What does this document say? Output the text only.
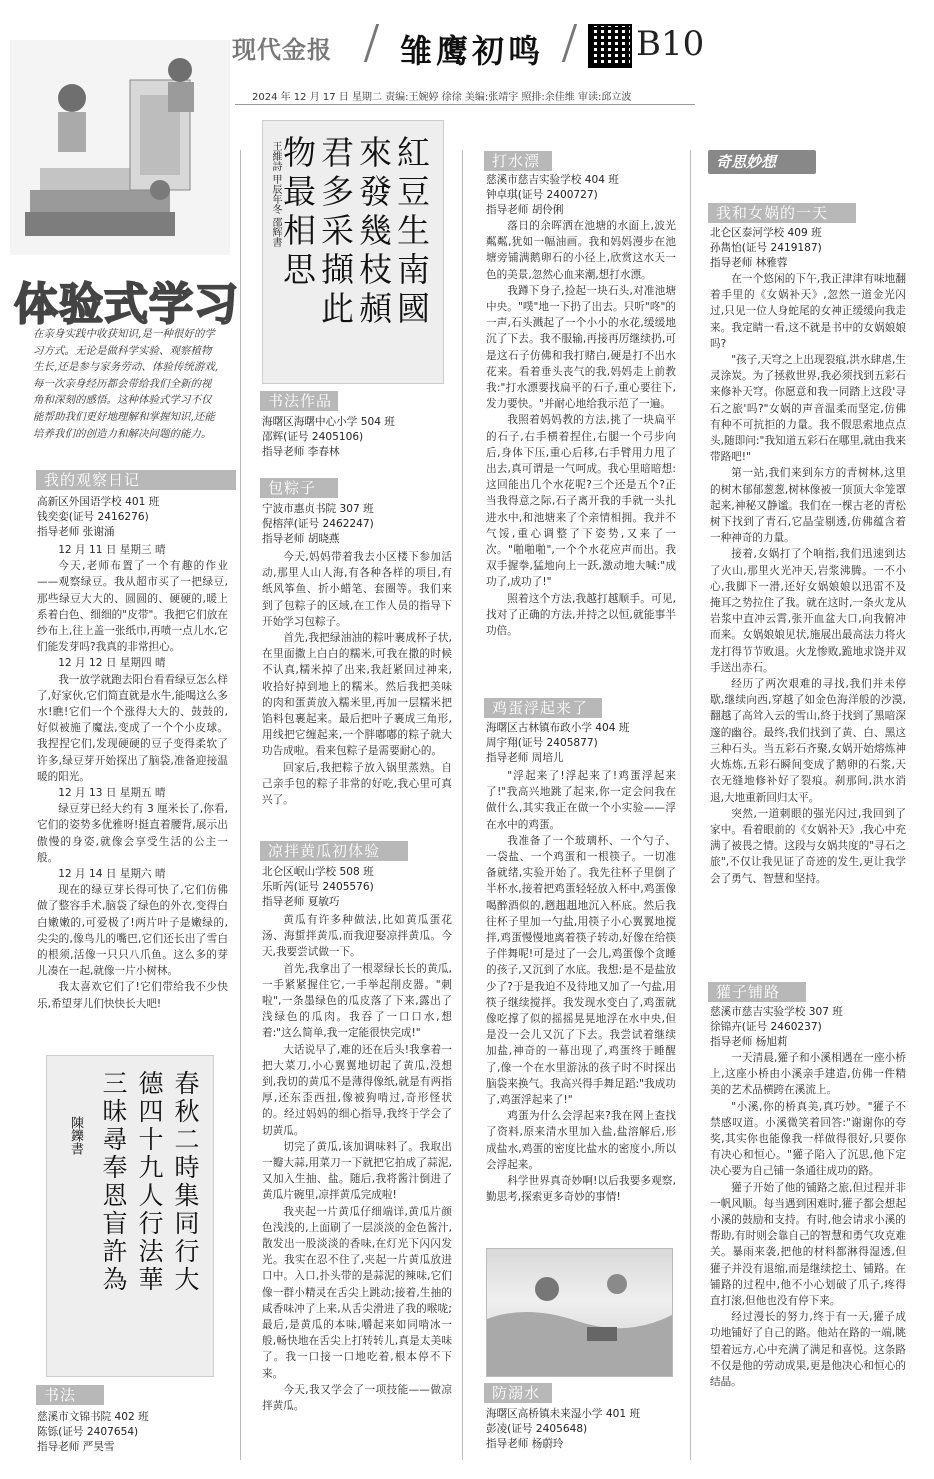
现代金报 雏鹰初鸣	B10
2024 年 12 月 17 日 星期二 责编:王婉婷 徐徐 美编:张靖宇 照排:余佳维 审读:邱立波
体验式学习
在亲身实践中收获知识,是一种很好的学习方式。无论是做科学实验、观察植物生长,还是参与家务劳动、体验传统游戏,每一次亲身经历都会带给我们全新的视角和深刻的感悟。这种体验式学习不仅能帮助我们更好地理解和掌握知识,还能培养我们的创造力和解决问题的能力。
我的观察日记
高新区外国语学校 401 班
钱奕娈(证号 2416276)
指导老师 张谢涌

12 月 11 日 星期三 晴

今天,老师布置了一个有趣的作业——观察绿豆。我从超市买了一把绿豆,那些绿豆大大的、圆圆的、硬硬的,暖上系着白色、细细的"皮带"。我把它们放在纱布上,往上盖一张纸巾,再喷一点儿水,它们能发芽吗?我真的非常担心。

12 月 12 日 星期四 晴

我一放学就跑去阳台看看绿豆怎么样了,好家伙,它们简直就是水牛,能喝这么多水!瞧!它们一个个涨得大大的、鼓鼓的,好似被施了魔法,变成了一个个小皮球。我捏捏它们,发现硬硬的豆子变得柔软了许多,绿豆芽开始探出了脑袋,准备迎接温暖的阳光。

12 月 13 日 星期五 晴

绿豆芽已经大约有 3 厘米长了,你看,它们的姿势多优雅呀!挺直着腰背,展示出傲慢的身姿,就像会享受生活的公主一般。

12 月 14 日 星期六 晴

现在的绿豆芽长得可快了,它们仿佛做了整容手术,脑袋了绿色的外衣,变得白白嫩嫩的,可爱极了!两片叶子是嫩绿的,尖尖的,像鸟儿的嘴巴,它们还长出了雪白的根须,活像一只只八爪鱼。这么多的芽儿凑在一起,就像一片小树林。

我太喜欢它们了!它们带给我不少快乐,希望芽儿们快快长大吧!

春秋二時集同行大
德四十九人行法華
三昧尋奉恩盲許為
陳鑠書
书法
慈溪市文锦书院 402 班
陈铄(证号 2407654)
指导老师 严昊雪
紅豆生南國
來發幾枝頳
君多采擷此
物最相思
王維詩 甲辰年冬 邵辉書
书法作品
海曙区海曙中心小学 504 班
邵辉(证号 2405106)
指导老师 李春林
包粽子
宁波市惠贞书院 307 班
倪榕萍(证号 2462247)
指导老师 胡晓燕

今天,妈妈带着我去小区楼下参加活动,那里人山人海,有各种各样的项目,有纸风筝鱼、折小蜡笔、套圈等。我们来到了包粽子的区域,在工作人员的指导下开始学习包粽子。

首先,我把绿油油的粽叶裹成杯子状,在里面撒上白白的糯米,可我在撒的时候不认真,糯米掉了出来,我赶紧回过神来,收拾好掉到地上的糯米。然后我把美味的肉和蛋黄放入糯米里,再加一层糯米把馅料包裹起来。最后把叶子裹成三角形,用线把它缠起来,一个胖嘟嘟的粽子就大功告成啦。看来包粽子是需要耐心的。

回家后,我把粽子放入锅里蒸熟。自己亲手包的粽子非常的好吃,我心里可真兴了。

凉拌黄瓜初体验
北仑区岷山学校 508 班
乐昕芮(证号 2405576)
指导老师 夏敏巧

黄瓜有许多种做法,比如黄瓜蛋花汤、海蜇拌黄瓜,而我迎娶凉拌黄瓜。今天,我要尝试做一下。

首先,我拿出了一根翠绿长长的黄瓜,一手紧紧握住它,一手举起削皮器。"刺啦",一条墨绿色的瓜皮落了下来,露出了浅绿色的瓜肉。我吞了一口口水,想着:"这么简单,我一定能很快完成!"

大话说早了,难的还在后头!我拿着一把大菜刀,小心翼翼地切起了黄瓜,没想到,我切的黄瓜不是薄得像纸,就是有两指厚,还东歪西扭,像被狗啃过,奇形怪状的。经过妈妈的细心指导,我终于学会了切黄瓜。

切完了黄瓜,该加调味料了。我取出一瓣大蒜,用菜刀一下就把它拍成了蒜泥,又加入生抽、盐。随后,我将酱汁倒进了黄瓜片碗里,凉拌黄瓜完成啦!

我夹起一片黄瓜仔细端详,黄瓜片颜色浅浅的,上面刷了一层淡淡的金色酱汁,散发出一股淡淡的香味,在灯光下闪闪发光。我实在忍不住了,夹起一片黄瓜放进口中。入口,扑头带的是蒜泥的辣味,它们像一群小精灵在舌尖上跳动;接着,生抽的咸香味冲了上来,从舌尖滑进了我的喉咙;最后,是黄瓜的本味,嚼起来如同啃冰一般,畅快地在舌尖上打转转儿,真是太美味了。我一口接一口地吃着,根本停不下来。

今天,我又学会了一项技能——做凉拌黄瓜。

打水漂
慈溪市慈吉实验学校 404 班
钟卓琪(证号 2400727)
指导老师 胡伶俐

落日的余晖洒在池塘的水面上,波光粼粼,犹如一幅油画。我和妈妈漫步在池塘旁铺满鹅卵石的小径上,欣赏这水天一色的美景,忽然心血来潮,想打水漂。

我蹲下身子,捡起一块石头,对准池塘中央。"噗"地一下扔了出去。只听"咚"的一声,石头溅起了一个小小的水花,缓缓地沉了下去。我不服输,再接再厉继续扔,可是这石子仿佛和我打赌白,硬是打不出水花来。看着垂头丧气的我,妈妈走上前教我:"打水漂要找扁平的石子,重心要往下,发力要快。"并耐心地给我示范了一遍。

我照着妈妈教的方法,挑了一块扁平的石子,右手横着捏住,右腿一个弓步向后,身体下压,重心后移,右手臂用力甩了出去,真可谓是一气呵成。我心里暗暗想:这回能出几个水花呢?三个还是五个?正当我得意之际,石子离开我的手就一头扎进水中,和池塘来了个亲情相拥。我并不气馁,重心调整了下姿势,又来了一次。"啪啪啪",一个个水花应声而出。我双手握拳,猛地向上一跃,激动地大喊:"成功了,成功了!"

照着这个方法,我越打越顺手。可见,找对了正确的方法,并持之以恒,就能事半功倍。

鸡蛋浮起来了
海曙区古林镇布政小学 404 班
周宇翔(证号 2405877)
指导老师 周培儿

"浮起来了!浮起来了!鸡蛋浮起来了!"我高兴地跳了起来,你一定会问我在做什么,其实我正在做一个小实验——浮在水中的鸡蛋。

我准备了一个玻璃杯、一个勺子、一袋盐、一个鸡蛋和一根筷子。一切准备就绪,实验开始了。我先往杯子里倒了半杯水,接着把鸡蛋轻轻放入杯中,鸡蛋像喝醉酒似的,趔趄趄地沉入杯底。然后我往杯子里加一勺盐,用筷子小心翼翼地搅拌,鸡蛋慢慢地离着筷子转动,好像在给筷子伴舞呢!可是过了一会儿,鸡蛋像个贪睡的孩子,又沉到了水底。我想:是不是盐放少了?于是我迫不及待地又加了一勺盐,用筷子继续搅拌。我发现水变白了,鸡蛋就像吃撑了似的摇摇晃晃地浮在水中央,但是没一会儿又沉了下去。我尝试着继续加盐,神奇的一幕出现了,鸡蛋终于睡醒了,像一个在水里游泳的孩子时不时探出脑袋来换气。我高兴得手舞足蹈:"我成功了,鸡蛋浮起来了!"

鸡蛋为什么会浮起来?我在网上查找了资料,原来清水里加入盐,盐溶解后,形成盐水,鸡蛋的密度比盐水的密度小,所以会浮起来。

科学世界真奇妙啊!以后我要多观察,勤思考,探索更多奇妙的事情!

防溺水
海曙区高桥镇未来湿小学 401 班
彭凌(证号 2405648)
指导老师 杨蔚玲
奇思妙想
我和女娲的一天
北仑区泰河学校 409 班
孙雋怡(证号 2419187)
指导老师 林雅蓉

在一个悠闲的下午,我正津津有味地翻着手里的《女娲补天》,忽然一道金光闪过,只见一位人身蛇尾的女神正缓缓向我走来。我定睛一看,这不就是书中的女娲娘娘吗?

"孩子,天穹之上出现裂痕,洪水肆虐,生灵涂炭。为了拯救世界,我必须找到五彩石来修补天穹。你愿意和我一同踏上这段'寻石之旅'吗?"女娲的声音温柔而坚定,仿佛有种不可抗拒的力量。我不假思索地点点头,随即问:"我知道五彩石在哪里,就由我来带路吧!"

第一站,我们来到东方的青树林,这里的树木郁郁葱葱,树林像被一顶顶大伞笼罩起来,神秘又静谧。我们在一棵古老的青松树下找到了青石,它晶莹剔透,仿佛蕴含着一种神奇的力量。

接着,女娲打了个响指,我们迅速到达了火山,那里火光冲天,岩浆沸腾。一不小心,我脚下一滑,还好女娲娘娘以迅雷不及掩耳之势拉住了我。就在这时,一条火龙从岩浆中直冲云霄,张开血盆大口,向我俯冲而来。女娲娘娘见状,施展出最高法力将火龙打得节节败退。火龙惨败,跪地求饶并双手送出赤石。

经历了两次艰难的寻找,我们并未停歇,继续向西,穿越了如金色海洋般的沙漠,翻越了高耸入云的雪山,終于找到了黑暗深邃的幽谷。最终,我们找到了黄、白、黑这三种石头。当五彩石齐聚,女娲开始熔炼神火炼炼,五彩石瞬间变成了鹅卵的石浆,天衣无缝地修补好了裂痕。刹那间,洪水消退,大地重新回归太平。

突然,一道刺眼的强光闪过,我回到了家中。看着眼前的《女娲补天》,我心中充满了被畏之情。这段与女娲共度的"寻石之旅",不仅让我见证了奇迹的发生,更让我学会了勇气、智慧和坚持。

獾子铺路
慈溪市慈吉实验学校 307 班
徐锦卉(证号 2460237)
指导老师 杨旭莉

一天清晨,獾子和小溪相遇在一座小桥上,这座小桥由小溪亲手建造,仿佛一件精美的艺术品横跨在溪流上。

"小溪,你的桥真美,真巧妙。"獾子不禁感叹道。小溪微笑着回答:"谢谢你的夸奖,其实你也能像我一样做得很好,只要你有决心和恒心。"獾子陷入了沉思,他下定决心要为自己铺一条通往成功的路。

獾子开始了他的铺路之旅,但过程并非一帆风顺。每当遇到困难时,獾子都会想起小溪的鼓励和支持。有时,他会请求小溪的帮助,有时则会靠自己的智慧和勇气攻克难关。暴雨来袭,把他的材料都淋得湿透,但獾子并没有退缩,而是继续挖土、铺路。在铺路的过程中,他不小心划破了爪子,疼得直打滚,但他也没有停下来。

经过漫长的努力,终于有一天,獾子成功地铺好了自己的路。他站在路的一端,眺望着远方,心中充满了满足和喜悦。这条路不仅是他的劳动成果,更是他决心和恒心的结晶。
